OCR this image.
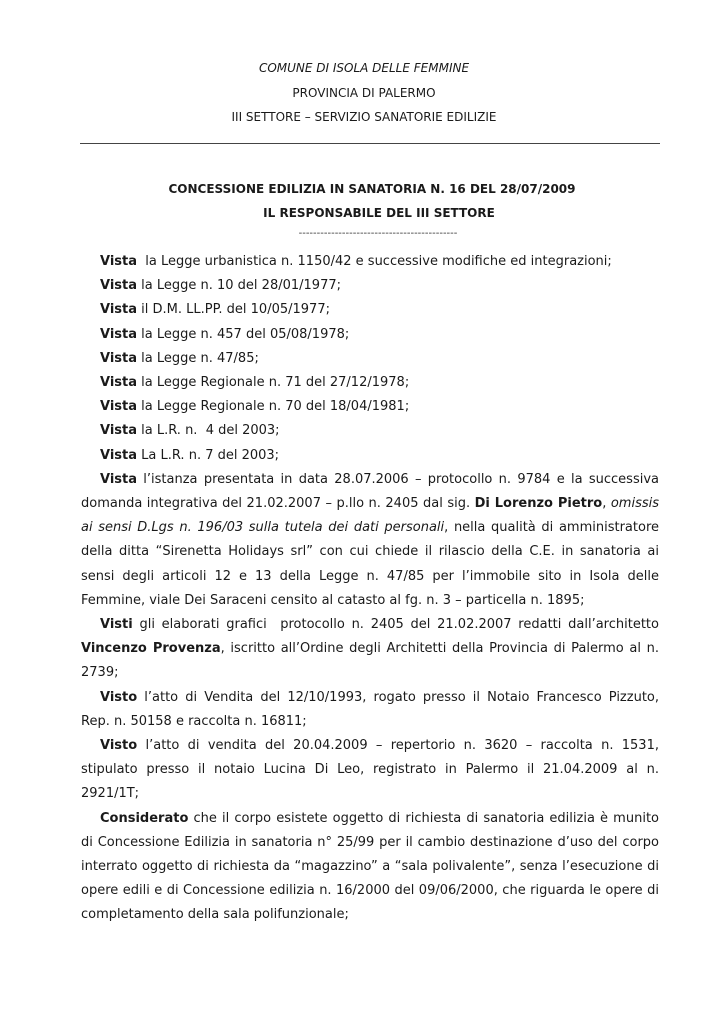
COMUNE DI ISOLA DELLE FEMMINE
PROVINCIA DI PALERMO
III SETTORE – SERVIZIO SANATORIE EDILIZIE
CONCESSIONE EDILIZIA IN SANATORIA N. 16 DEL 28/07/2009
IL RESPONSABILE DEL III SETTORE
--------------------------------------------

Vista  la Legge urbanistica n. 1150/42 e successive modifiche ed integrazioni;

Vista la Legge n. 10 del 28/01/1977;

Vista il D.M. LL.PP. del 10/05/1977;

Vista la Legge n. 457 del 05/08/1978;

Vista la Legge n. 47/85;

Vista la Legge Regionale n. 71 del 27/12/1978;

Vista la Legge Regionale n. 70 del 18/04/1981;

Vista la L.R. n.  4 del 2003;

Vista La L.R. n. 7 del 2003;

Vista l’istanza presentata in data 28.07.2006 – protocollo n. 9784 e la successiva domanda integrativa del 21.02.2007 – p.llo n. 2405 dal sig. Di Lorenzo Pietro, omissis ai sensi D.Lgs n. 196/03 sulla tutela dei dati personali, nella qualità di amministratore della ditta “Sirenetta Holidays srl” con cui chiede il rilascio della C.E. in sanatoria ai sensi degli articoli 12 e 13 della Legge n. 47/85 per l’immobile sito in Isola delle Femmine, viale Dei Saraceni censito al catasto al fg. n. 3 – particella n. 1895;

Visti gli elaborati grafici  protocollo n. 2405 del 21.02.2007 redatti dall’architetto Vincenzo Provenza, iscritto all’Ordine degli Architetti della Provincia di Palermo al n. 2739;

Visto l’atto di Vendita del 12/10/1993, rogato presso il Notaio Francesco Pizzuto, Rep. n. 50158 e raccolta n. 16811;

Visto l’atto di vendita del 20.04.2009 – repertorio n. 3620 – raccolta n. 1531, stipulato presso il notaio Lucina Di Leo, registrato in Palermo il 21.04.2009 al n. 2921/1T;

Considerato che il corpo esistete oggetto di richiesta di sanatoria edilizia è munito di Concessione Edilizia in sanatoria n° 25/99 per il cambio destinazione d’uso del corpo interrato oggetto di richiesta da “magazzino” a “sala polivalente”, senza l’esecuzione di opere edili e di Concessione edilizia n. 16/2000 del 09/06/2000, che riguarda le opere di completamento della sala polifunzionale;
